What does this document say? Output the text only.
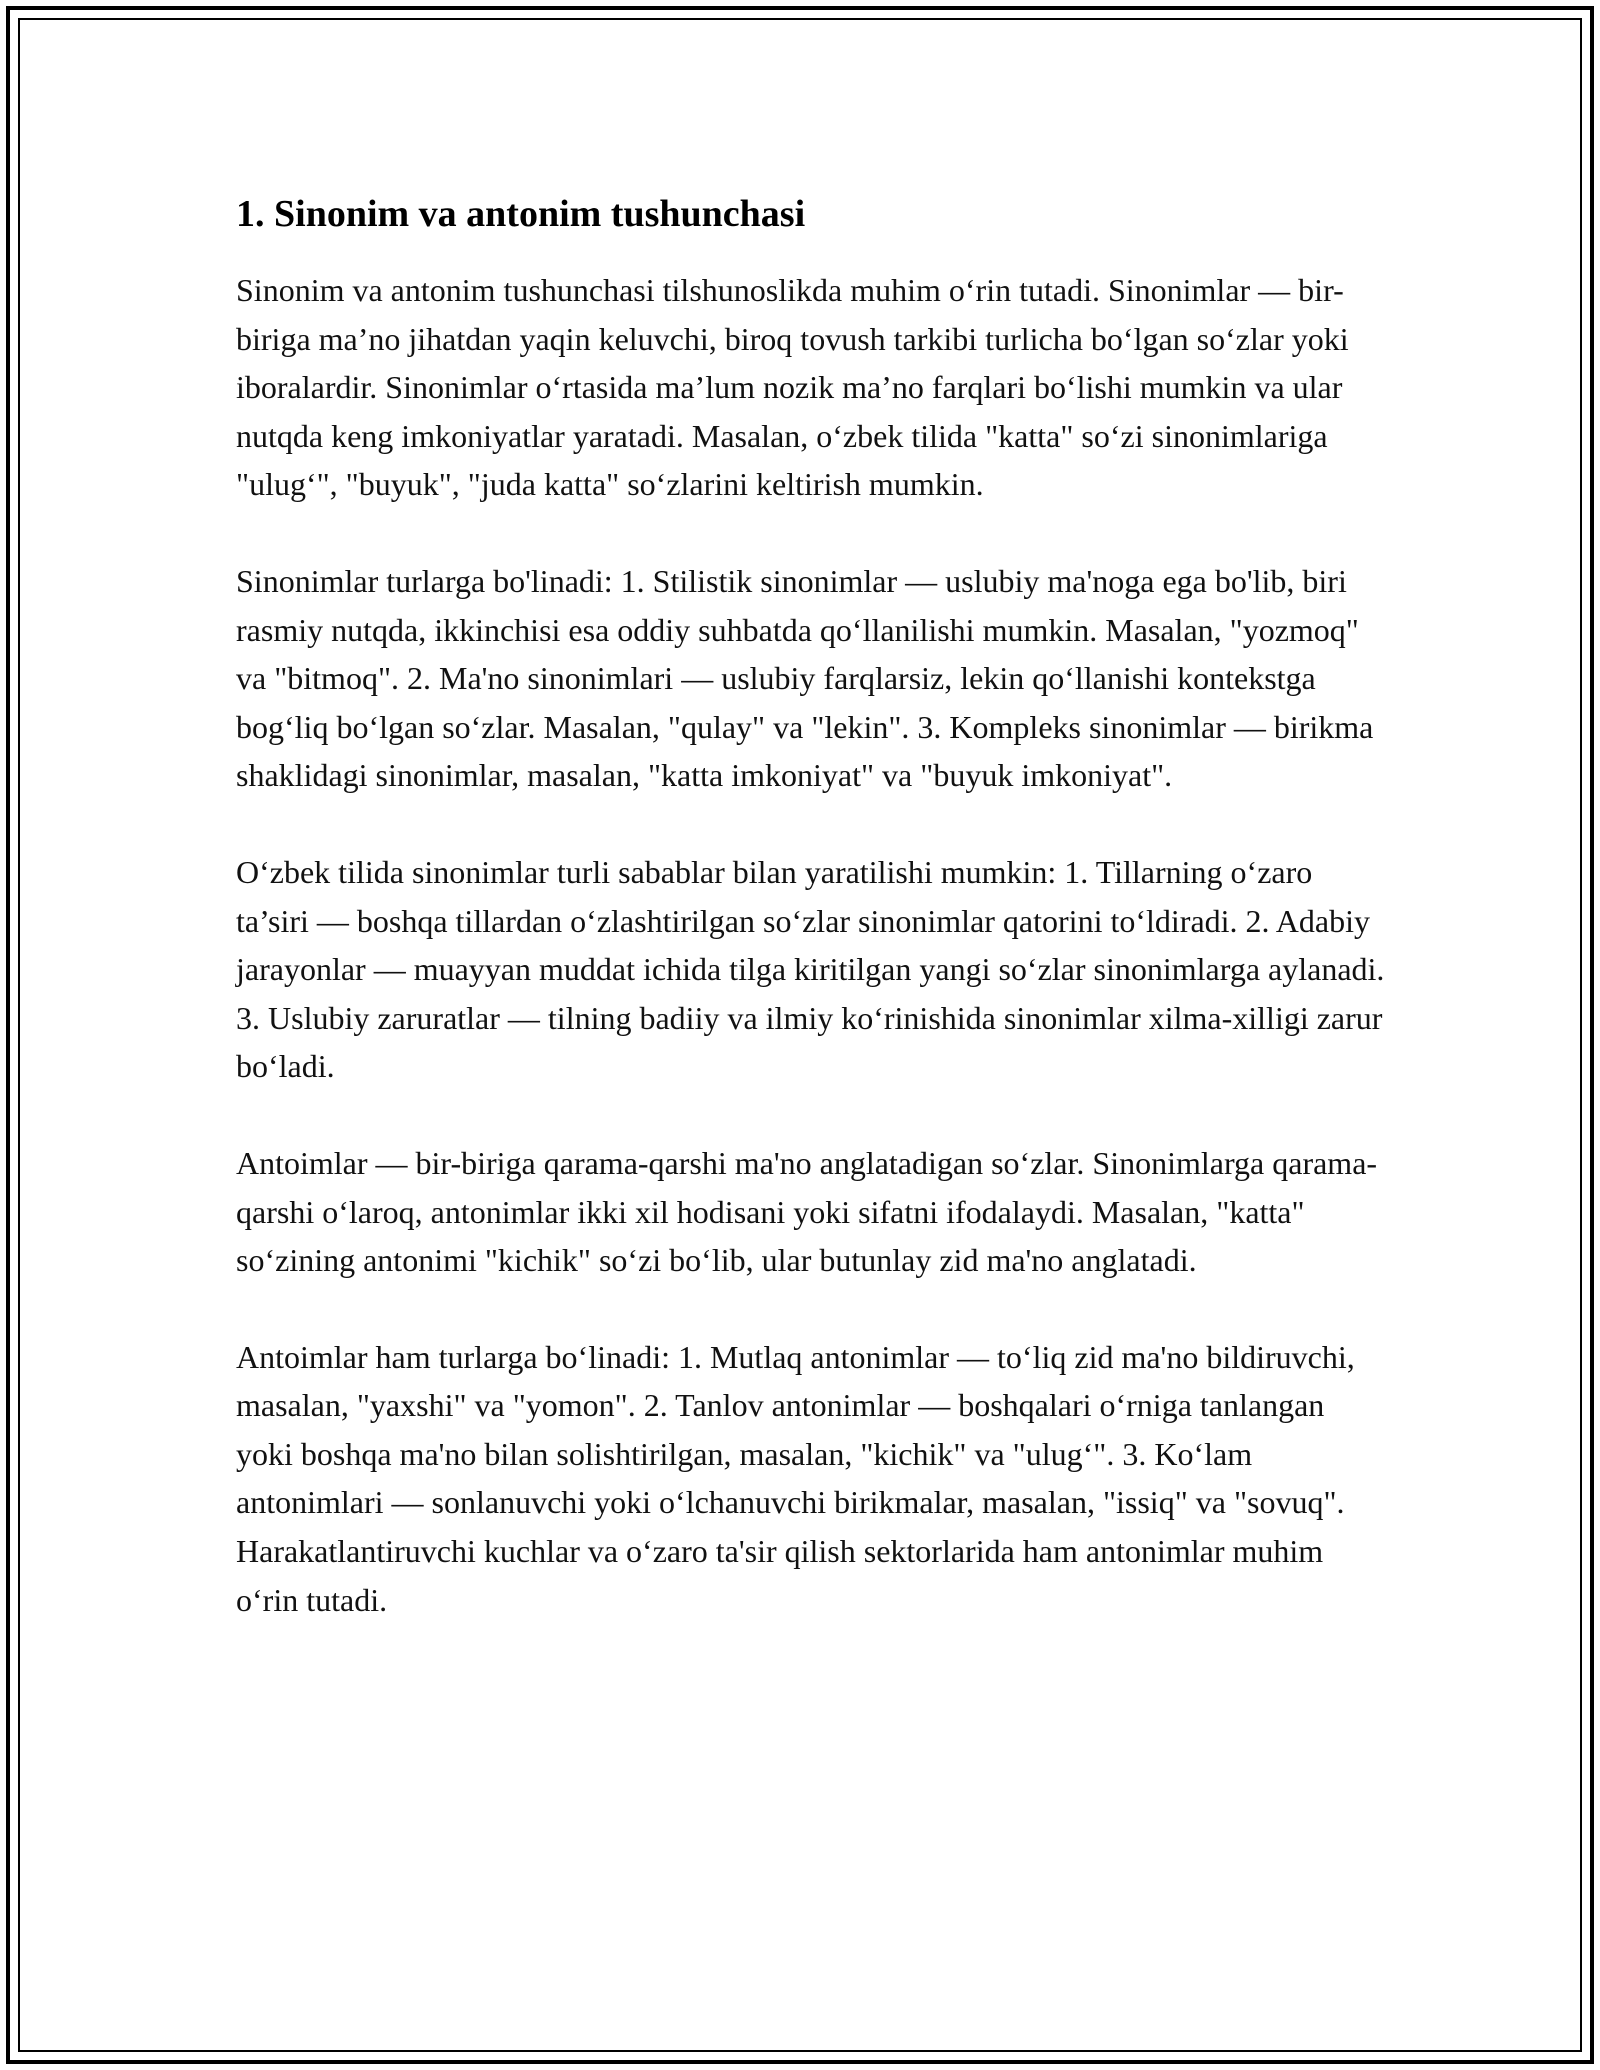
1. Sinonim va antonim tushunchasi

Sinonim va antonim tushunchasi tilshunoslikda muhim o‘rin tutadi. Sinonimlar — bir-biriga ma’no jihatdan yaqin keluvchi, biroq tovush tarkibi turlicha bo‘lgan so‘zlar yoki iboralardir. Sinonimlar o‘rtasida ma’lum nozik ma’no farqlari bo‘lishi mumkin va ular nutqda keng imkoniyatlar yaratadi. Masalan, o‘zbek tilida "katta" so‘zi sinonimlariga "ulug‘", "buyuk", "juda katta" so‘zlarini keltirish mumkin.

Sinonimlar turlarga bo'linadi: 1. Stilistik sinonimlar — uslubiy ma'noga ega bo'lib, biri rasmiy nutqda, ikkinchisi esa oddiy suhbatda qo‘llanilishi mumkin. Masalan, "yozmoq" va "bitmoq". 2. Ma'no sinonimlari — uslubiy farqlarsiz, lekin qo‘llanishi kontekstga bog‘liq bo‘lgan so‘zlar. Masalan, "qulay" va "lekin". 3. Kompleks sinonimlar — birikma shaklidagi sinonimlar, masalan, "katta imkoniyat" va "buyuk imkoniyat".

O‘zbek tilida sinonimlar turli sabablar bilan yaratilishi mumkin: 1. Tillarning o‘zaro ta’siri — boshqa tillardan o‘zlashtirilgan so‘zlar sinonimlar qatorini to‘ldiradi. 2. Adabiy jarayonlar — muayyan muddat ichida tilga kiritilgan yangi so‘zlar sinonimlarga aylanadi. 3. Uslubiy zaruratlar — tilning badiiy va ilmiy ko‘rinishida sinonimlar xilma-xilligi zarur bo‘ladi.

Antoimlar — bir-biriga qarama-qarshi ma'no anglatadigan so‘zlar. Sinonimlarga qarama-qarshi o‘laroq, antonimlar ikki xil hodisani yoki sifatni ifodalaydi. Masalan, "katta" so‘zining antonimi "kichik" so‘zi bo‘lib, ular butunlay zid ma'no anglatadi.

Antoimlar ham turlarga bo‘linadi: 1. Mutlaq antonimlar — to‘liq zid ma'no bildiruvchi, masalan, "yaxshi" va "yomon". 2. Tanlov antonimlar — boshqalari o‘rniga tanlangan yoki boshqa ma'no bilan solishtirilgan, masalan, "kichik" va "ulug‘". 3. Ko‘lam antonimlari — sonlanuvchi yoki o‘lchanuvchi birikmalar, masalan, "issiq" va "sovuq". Harakatlantiruvchi kuchlar va o‘zaro ta'sir qilish sektorlarida ham antonimlar muhim o‘rin tutadi.
